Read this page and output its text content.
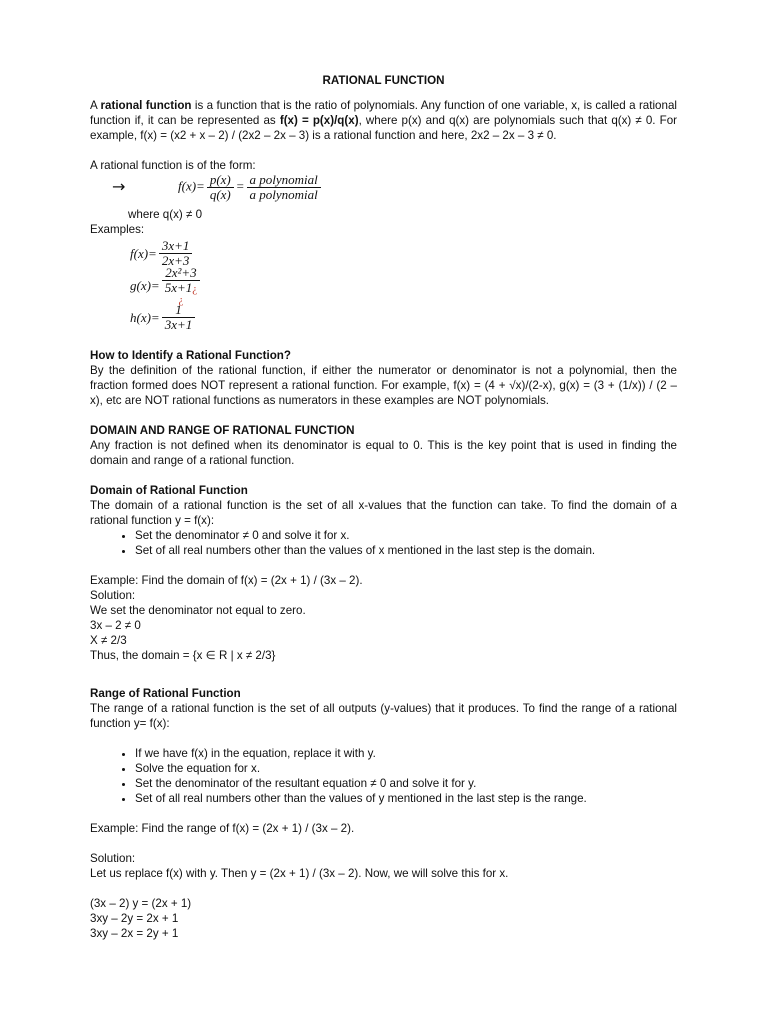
RATIONAL FUNCTION

A rational function is a function that is the ratio of polynomials. Any function of one variable, x, is called a rational function if, it can be represented as f(x) = p(x)/q(x), where p(x) and q(x) are polynomials such that q(x) ≠ 0. For example, f(x) = (x2 + x – 2) / (2x2 – 2x – 3) is a rational function and here, 2x2 – 2x – 3 ≠ 0.

A rational function is of the form:

→	$f(x)= \frac{p(x)}{q(x)} = \frac{\text{a polynomial}}{\text{a polynomial}}$

where q(x) ≠ 0

Examples:

$f(x)= \frac{3x+1}{2x+3}$
g(x)= 2x²+3
5x+1¿
¿
$h(x)= \frac{1}{3x+1}$
How to Identify a Rational Function?

By the definition of the rational function, if either the numerator or denominator is not a polynomial, then the fraction formed does NOT represent a rational function. For example, f(x) = (4 + √x)/(2-x), g(x) = (3 + (1/x)) / (2 – x), etc are NOT rational functions as numerators in these examples are NOT polynomials.

DOMAIN AND RANGE OF RATIONAL FUNCTION

Any fraction is not defined when its denominator is equal to 0. This is the key point that is used in finding the domain and range of a rational function.

Domain of Rational Function

The domain of a rational function is the set of all x-values that the function can take. To find the domain of a rational function y = f(x):

• Set the denominator ≠ 0 and solve it for x.
• Set of all real numbers other than the values of x mentioned in the last step is the domain.

Example: Find the domain of f(x) = (2x + 1) / (3x – 2).

Solution:

We set the denominator not equal to zero.

3x – 2 ≠ 0

X ≠ 2/3

Thus, the domain = {x ∈ R | x ≠ 2/3}

Range of Rational Function

The range of a rational function is the set of all outputs (y-values) that it produces. To find the range of a rational function y= f(x):

• If we have f(x) in the equation, replace it with y.
• Solve the equation for x.
• Set the denominator of the resultant equation ≠ 0 and solve it for y.
• Set of all real numbers other than the values of y mentioned in the last step is the range.

Example: Find the range of f(x) = (2x + 1) / (3x – 2).

Solution:

Let us replace f(x) with y. Then y = (2x + 1) / (3x – 2). Now, we will solve this for x.

(3x – 2) y = (2x + 1)

3xy – 2y = 2x + 1

3xy – 2x = 2y + 1
